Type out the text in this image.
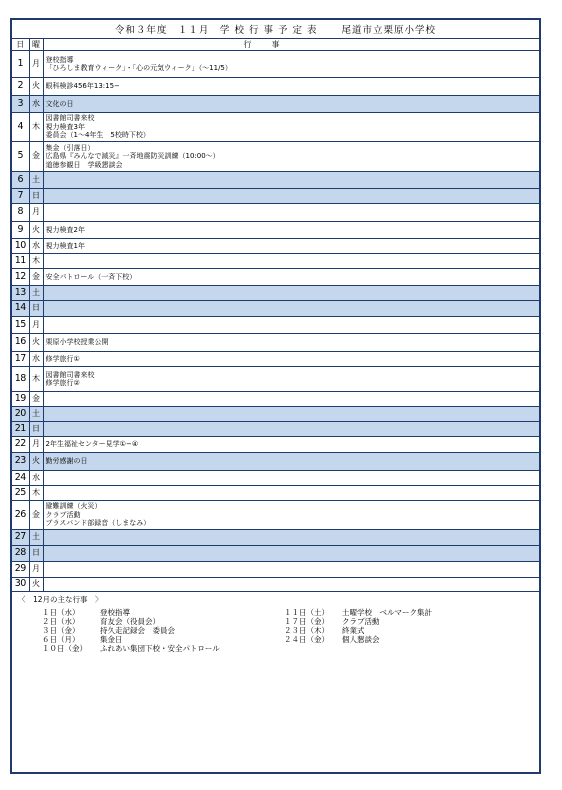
令和３年度　１１月　学 校 行 事 予 定 表	尾道市立栗原小学校
日	曜	行　事
1	月	登校指導
「ひろしま教育ウィーク」・「心の元気ウィーク」（〜11/5）

2	火	眼科検診456年13:15−

3	水	文化の日

4	木	図書館司書来校
視力検査3年
委員会（1〜4年生　5校時下校）

5	金	集金（引落日）
広島県『みんなで減災』一斉地震防災訓練（10:00〜）
道徳参観日　学級懇談会

6	土	
7	日	
8	月	
9	火	視力検査2年

10	水	視力検査1年

11	木	
12	金	安全パトロール（一斉下校）

13	土	
14	日	
15	月	
16	火	栗原小学校授業公開

17	水	修学旅行①

18	木	図書館司書来校
修学旅行②

19	金	
20	土	
21	日	
22	月	2年生福祉センター見学①−④

23	火	勤労感謝の日

24	水	
25	木	
26	金	避難訓練（火災）
クラブ活動
ブラスバンド部録音（しまなみ）

27	土	
28	日	
29	月	
30	火	
〈　12月の主な行事　〉
１日（水）	登校指導
２日（水）	育友会（役員会）
３日（金）	持久走記録会　委員会
６日（月）	集金日
１０日（金）	ふれあい集団下校・安全パトロール
１１日（土）	土曜学校　ベルマーク集計
１７日（金）	クラブ活動
２３日（木）	終業式
２４日（金）	個人懇談会
